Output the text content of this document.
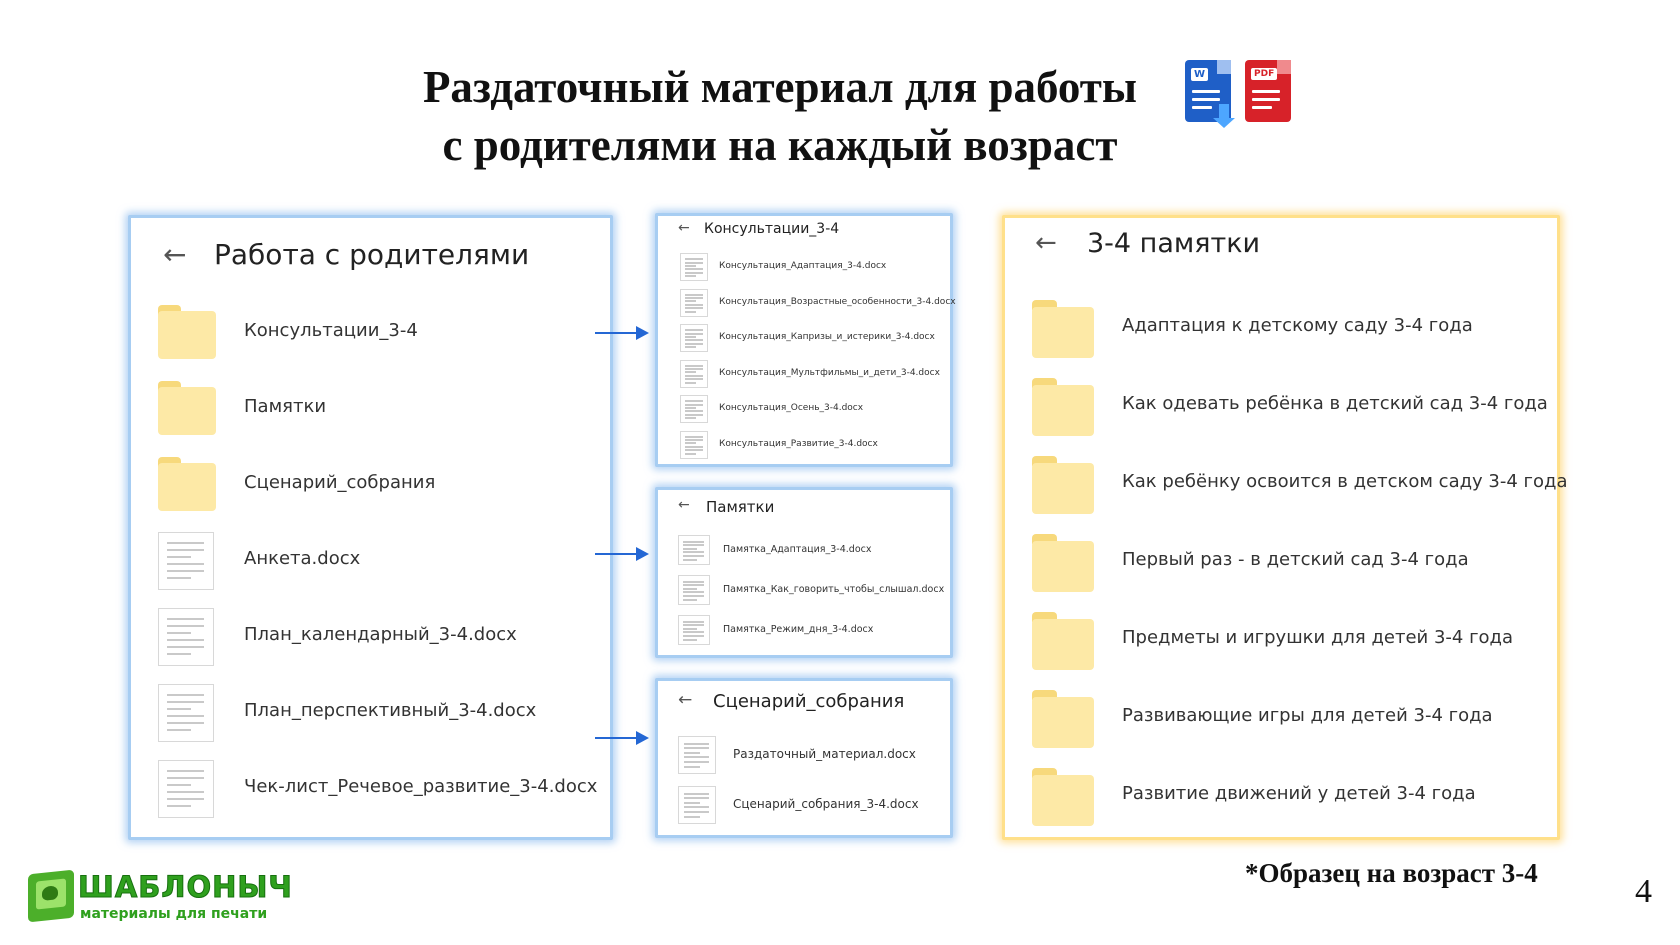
Раздаточный материал для работы
с родителями на каждый возраст
W	PDF
← Работа с родителями
Консультации_3-4
Памятки
Сценарий_собрания
Анкета.docx
План_календарный_3-4.docx
План_перспективный_3-4.docx
Чек-лист_Речевое_развитие_3-4.docx
← Консультации_3-4
Консультация_Адаптация_3-4.docx
Консультация_Возрастные_особенности_3-4.docx
Консультация_Капризы_и_истерики_3-4.docx
Консультация_Мультфильмы_и_дети_3-4.docx
Консультация_Осень_3-4.docx
Консультация_Развитие_3-4.docx
← Памятки
Памятка_Адаптация_3-4.docx
Памятка_Как_говорить_чтобы_слышал.docx
Памятка_Режим_дня_3-4.docx
← Сценарий_собрания
Раздаточный_материал.docx
Сценарий_собрания_3-4.docx
← 3-4 памятки
Адаптация к детскому саду 3-4 года
Как одевать ребёнка в детский сад 3-4 года
Как ребёнку освоится в детском саду 3-4 года
Первый раз - в детский сад 3-4 года
Предметы и игрушки для детей 3-4 года
Развивающие игры для детей 3-4 года
Развитие движений у детей 3-4 года
*Образец на возраст 3-4	4
ШАБЛОНЫЧ
материалы для печати
